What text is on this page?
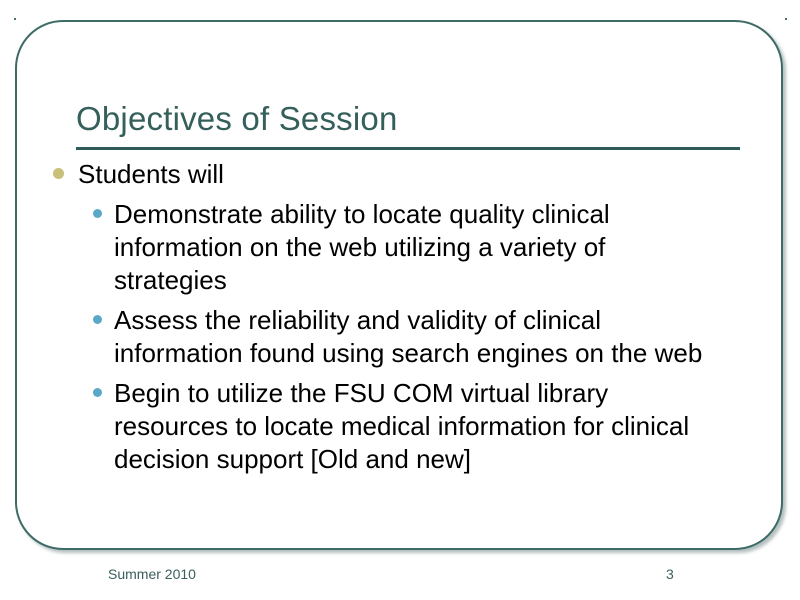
Objectives of Session
Students will
Demonstrate ability to locate quality clinical information on the web utilizing a variety of strategies
Assess the reliability and validity of clinical information found using search engines on the web
Begin to utilize the FSU COM virtual library resources to locate medical information for clinical decision support [Old and new]
Summer 2010	3
